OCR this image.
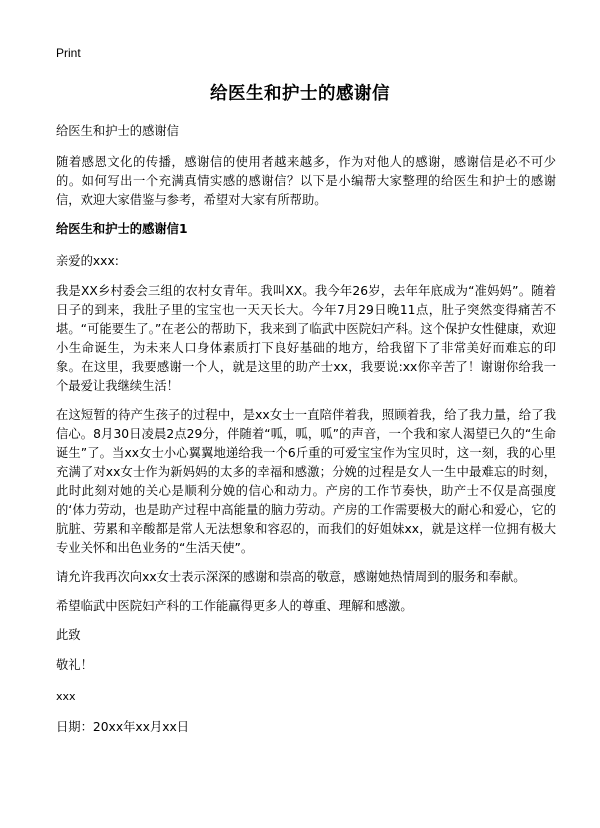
Print
给医生和护士的感谢信

给医生和护士的感谢信

随着感恩文化的传播，感谢信的使用者越来越多，作为对他人的感谢，感谢信是必不可少的。如何写出一个充满真情实感的感谢信？以下是小编帮大家整理的给医生和护士的感谢信，欢迎大家借鉴与参考，希望对大家有所帮助。

给医生和护士的感谢信1

亲爱的xxx:

我是XX乡村委会三组的农村女青年。我叫XX。我今年26岁，去年年底成为“准妈妈”。随着日子的到来，我肚子里的宝宝也一天天长大。今年7月29日晚11点，肚子突然变得痛苦不堪。“可能要生了。”在老公的帮助下，我来到了临武中医院妇产科。这个保护女性健康，欢迎小生命诞生，为未来人口身体素质打下良好基础的地方，给我留下了非常美好而难忘的印象。在这里，我要感谢一个人，就是这里的助产士xx，我要说:xx你辛苦了！谢谢你给我一个最爱让我继续生活！

在这短暂的待产生孩子的过程中，是xx女士一直陪伴着我，照顾着我，给了我力量，给了我信心。8月30日凌晨2点29分，伴随着“呱，呱，呱”的声音，一个我和家人渴望已久的“生命诞生”了。当xx女士小心翼翼地递给我一个6斤重的可爱宝宝作为宝贝时，这一刻，我的心里充满了对xx女士作为新妈妈的太多的幸福和感激；分娩的过程是女人一生中最难忘的时刻，此时此刻对她的关心是顺利分娩的信心和动力。产房的工作节奏快，助产士不仅是高强度的‘体力劳动，也是助产过程中高能量的脑力劳动。产房的工作需要极大的耐心和爱心，它的肮脏、劳累和辛酸都是常人无法想象和容忍的，而我们的好姐妹xx，就是这样一位拥有极大专业关怀和出色业务的“生活天使”。

请允许我再次向xx女士表示深深的感谢和崇高的敬意，感谢她热情周到的服务和奉献。

希望临武中医院妇产科的工作能赢得更多人的尊重、理解和感激。

此致

敬礼！

xxx

日期：20xx年xx月xx日
